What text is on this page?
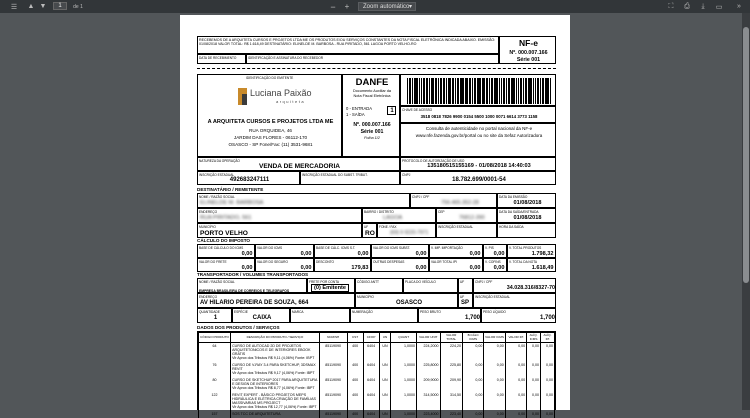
☰	▲ ▼	1	de 1	−	+	Zoom automático ▾	⛶	⎙	⤓	▭	»
RECEBEMOS DE A ARQUITETA CURSOS E PROJETOS LTDA ME OS PRODUTOS E/OU SERVIÇOS CONSTANTES DA NOTA FISCAL ELETRÔNICA INDICADA ABAIXO. EMISSÃO: 01/08/2018 VALOR TOTAL: R$ 1.618,49 DESTINATÁRIO: ELINELDE M. BARBOSA - RUA PIRITADO, 561 LAGOA PORTO VELHO-RO
DATA DE RECEBIMENTO	IDENTIFICAÇÃO E ASSINATURA DO RECEBEDOR
NF-e
Nº. 000.007.166
Série 001
IDENTIFICAÇÃO DO EMITENTE
Luciana Paixão
arquiteta
A ARQUITETA CURSOS E PROJETOS LTDA ME
RUA ORQUIDEA, 46
JARDIM DAS FLORES - 06112-170
OSASCO - SP Fone/Fax: (11) 3531-9681
DANFE
Documento Auxiliar da
Nota Fiscal Eletrônica
0 - ENTRADA
1 - SAÍDA
1
Nº. 000.007.166
Série 001
Folha 1/2
CHAVE DE ACESSO
3518 0818 7826 9900 0154 5500 1000 0071 6614 3773 1158
Consulta de autenticidade no portal nacional da NF-e
www.nfe.fazenda.gov.br/portal ou no site da Sefaz Autorizadora
NATUREZA DA OPERAÇÃO
VENDA DE MERCADORIA
PROTOCOLO DE AUTORIZAÇÃO DE USO
135180515155169 - 01/08/2018 14:40:03
INSCRIÇÃO ESTADUAL
492683247111
INSCRIÇÃO ESTADUAL DO SUBST. TRIBUT.	CNPJ
18.782.699/0001-54
DESTINATÁRIO / REMETENTE
NOME / RAZÃO SOCIAL
ELINELDE M. BARBOSA
CNPJ / CPF
756.465.352-28
DATA DA EMISSÃO
01/08/2018
ENDEREÇO
RUA PIRITADO, 561
BAIRRO / DISTRITO
LAGOA
CEP
76812-390
DATA DA SAÍDA/ENTRADA
01/08/2018
MUNICÍPIO
PORTO VELHO
UF
RO
FONE / FAX
(69) 9 9220-7971
INSCRIÇÃO ESTADUAL	HORA DA SAÍDA
CÁLCULO DO IMPOSTO
BASE DE CÁLCULO DO ICMS
0,00
VALOR DO ICMS
0,00
BASE DE CÁLC. ICMS S.T.
0,00
VALOR DO ICMS SUBST.
0,00
V. IMP. IMPORTAÇÃO
0,00
V. PIS
0,00
V. TOTAL PRODUTOS
1.798,32
VALOR DO FRETE
0,00
VALOR DO SEGURO
0,00
DESCONTO
179,83
OUTRAS DESPESAS
0,00
VALOR TOTAL IPI
0,00
V. COFINS
0,00
V. TOTAL DA NOTA
1.618,49
TRANSPORTADOR / VOLUMES TRANSPORTADOS
NOME / RAZÃO SOCIAL
EMPRESA BRASILEIRA DE CORREIOS E TELEGRAFOS
FRETE POR CONTA
(0) Emitente
CÓDIGO ANTT	PLACA DO VEÍCULO	UF	CNPJ / CPF
34.028.316/8327-70
ENDEREÇO
AV HILARIO PEREIRA DE SOUZA, 664
MUNICÍPIO
OSASCO
UF
SP
INSCRIÇÃO ESTADUAL
QUANTIDADE
1
ESPÉCIE
CAIXA
MARCA	NUMERAÇÃO	PESO BRUTO
1,700
PESO LÍQUIDO
1,700
DADOS DOS PRODUTOS / SERVIÇOS
CÓDIGO PRODUTO	DESCRIÇÃO DO PRODUTO / SERVIÇO	NCM/SH	CST	CFOP	UN	QUANT	VALOR UNIT	VALOR TOTAL	B.CÁLC ICMS	VALOR ICMS	VALOR IPI	ALÍQ. ICMS	ALÍQ. IPI
64	CURSO DE AUTOCAD 2D DE PROJETOS ARQUITETONICOS E DE INTERIORES EBOOK GRATIS
Vlr Aprox dos Tributos R$ 9,11 (4,06%) Fonte: IBPT	85119090	400	6404	UN	1,0000	224,2000	224,20	0,00	0,00	0,00	0,00	0,00
76	CURSO DE V-RAY 3.4 PARA SKETCHUP, 3DSMAX REVIT
Vlr Aprox dos Tributos R$ 9,17 (4,06%) Fonte: IBPT	85119090	400	6404	UN	1,0000	225,8000	225,80	0,00	0,00	0,00	0,00	0,00
80	CURSO DE SKETCHUP 2017 PARA ARQUITETURA E DESIGN DE INTERIORES
Vlr Aprox dos Tributos R$ 8,77 (4,06%) Fonte: IBPT	85119090	400	6404	UN	1,0000	209,9000	209,90	0,00	0,00	0,00	0,00	0,00
122	REVIT EXPERT - BÁSICO PROJETOS MEPS HIDRÁULICA E ELÉTRICA CRIAÇÃO DE FAMÍLIAS MASSIVARIAS MS PROJECT
Vlr Aprox dos Tributos R$ 12,77 (4,06%) Fonte: IBPT	85119090	400	6404	UN	1,0000	314,5000	314,50	0,00	0,00	0,00	0,00	0,00
157	SOS TCC DE ARQUITETURA	85119090	400	6404	UN	1,0000	223,4000	223,40	0,00	0,00	0,00	0,00	0,00
